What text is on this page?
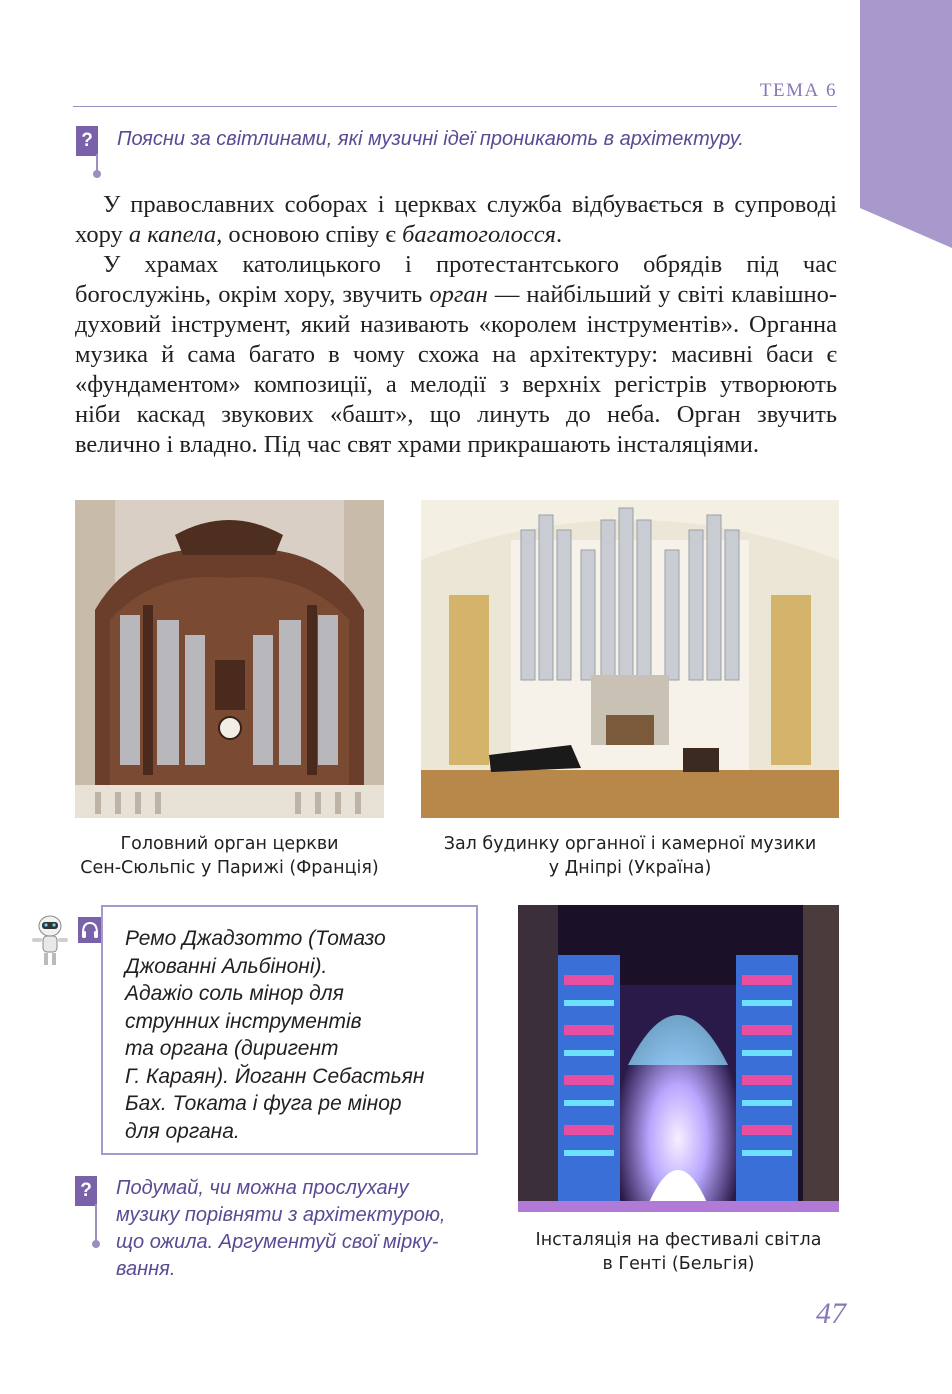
ТЕМА 6
? Поясни за світлинами, які музичні ідеї проникають в архітектуру.

У православних соборах і церквах служба відбувається в супроводі хору а капела, основою співу є багатоголосся.

У храмах католицького і протестантського обрядів під час богослужінь, окрім хору, звучить орган — найбільший у світі клавішно-духовий інструмент, який називають «королем інструментів». Органна музика й сама багато в чому схожа на архітектуру: масивні баси є «фундаментом» композиції, а мелодії з верхніх регістрів утворюють ніби каскад звукових «башт», що линуть до неба. Орган звучить велично і владно. Під час свят храми прикрашають інсталяціями.

Головний орган церкви
Сен-Сюльпіс у Парижі (Франція)
Зал будинку органної і камерної музики
у Дніпрі (Україна)
Ремо Джадзотто (Томазо
Джованні Альбіноні).
Адажіо соль мінор для
струнних інструментів
та органа (диригент
Г. Караян). Йоганн Себастьян
Бах. Токата і фуга ре мінор
для органа.
? Подумай, чи можна прослухану
музику порівняти з архітектурою,
що ожила. Аргументуй свої мірку-
вання.
Інсталяція на фестивалі світла
в Генті (Бельгія)
47
